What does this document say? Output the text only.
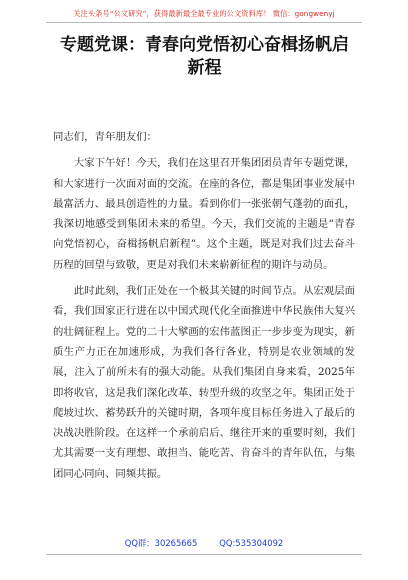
关注头条号“公文研究”，获得最新最全最专业的公文资料库！ 微信：gongwenyj
专题党课：青春向党悟初心奋楫扬帆启新程

同志们，青年朋友们：

大家下午好！今天，我们在这里召开集团团员青年专题党课，和大家进行一次面对面的交流。在座的各位，都是集团事业发展中最富活力、最具创造性的力量。看到你们一张张朝气蓬勃的面孔，我深切地感受到集团未来的希望。今天，我们交流的主题是“青春向党悟初心，奋楫扬帆启新程”。这个主题，既是对我们过去奋斗历程的回望与致敬，更是对我们未来崭新征程的期许与动员。

此时此刻，我们正处在一个极其关键的时间节点。从宏观层面看，我们国家正行进在以中国式现代化全面推进中华民族伟大复兴的壮阔征程上。党的二十大擘画的宏伟蓝图正一步步变为现实，新质生产力正在加速形成，为我们各行各业，特别是农业领域的发展，注入了前所未有的强大动能。从我们集团自身来看，2025年即将收官，这是我们深化改革、转型升级的攻坚之年。集团正处于爬坡过坎、蓄势跃升的关键时期，各项年度目标任务进入了最后的决战决胜阶段。在这样一个承前启后、继往开来的重要时刻，我们尤其需要一支有理想、敢担当、能吃苦、肯奋斗的青年队伍，与集团同心同向、同频共振。

QQ群：30265665	QQ:535304092
